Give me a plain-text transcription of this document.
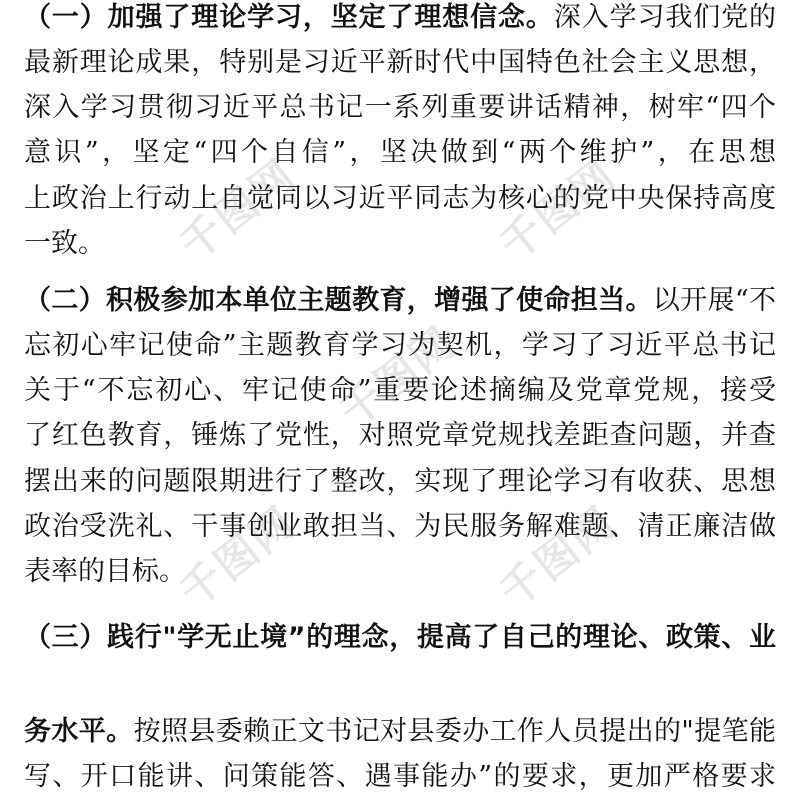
千图网	千图网
千图网
千图网	千图网
（一）加强了理论学习，坚定了理想信念。深入学习我们党的
最新理论成果，特别是习近平新时代中国特色社会主义思想，
深入学习贯彻习近平总书记一系列重要讲话精神，树牢“四个
意识”，坚定“四个自信”，坚决做到“两个维护”，在思想
上政治上行动上自觉同以习近平同志为核心的党中央保持高度
一致。
（二）积极参加本单位主题教育，增强了使命担当。以开展“不
忘初心牢记使命”主题教育学习为契机，学习了习近平总书记
关于“不忘初心、牢记使命”重要论述摘编及党章党规，接受
了红色教育，锤炼了党性，对照党章党规找差距查问题，并查
摆出来的问题限期进行了整改，实现了理论学习有收获、思想
政治受洗礼、干事创业敢担当、为民服务解难题、清正廉洁做
表率的目标。
（三）践行"学无止境”的理念，提高了自己的理论、政策、业
务水平。按照县委赖正文书记对县委办工作人员提出的"提笔能
写、开口能讲、问策能答、遇事能办”的要求，更加严格要求
